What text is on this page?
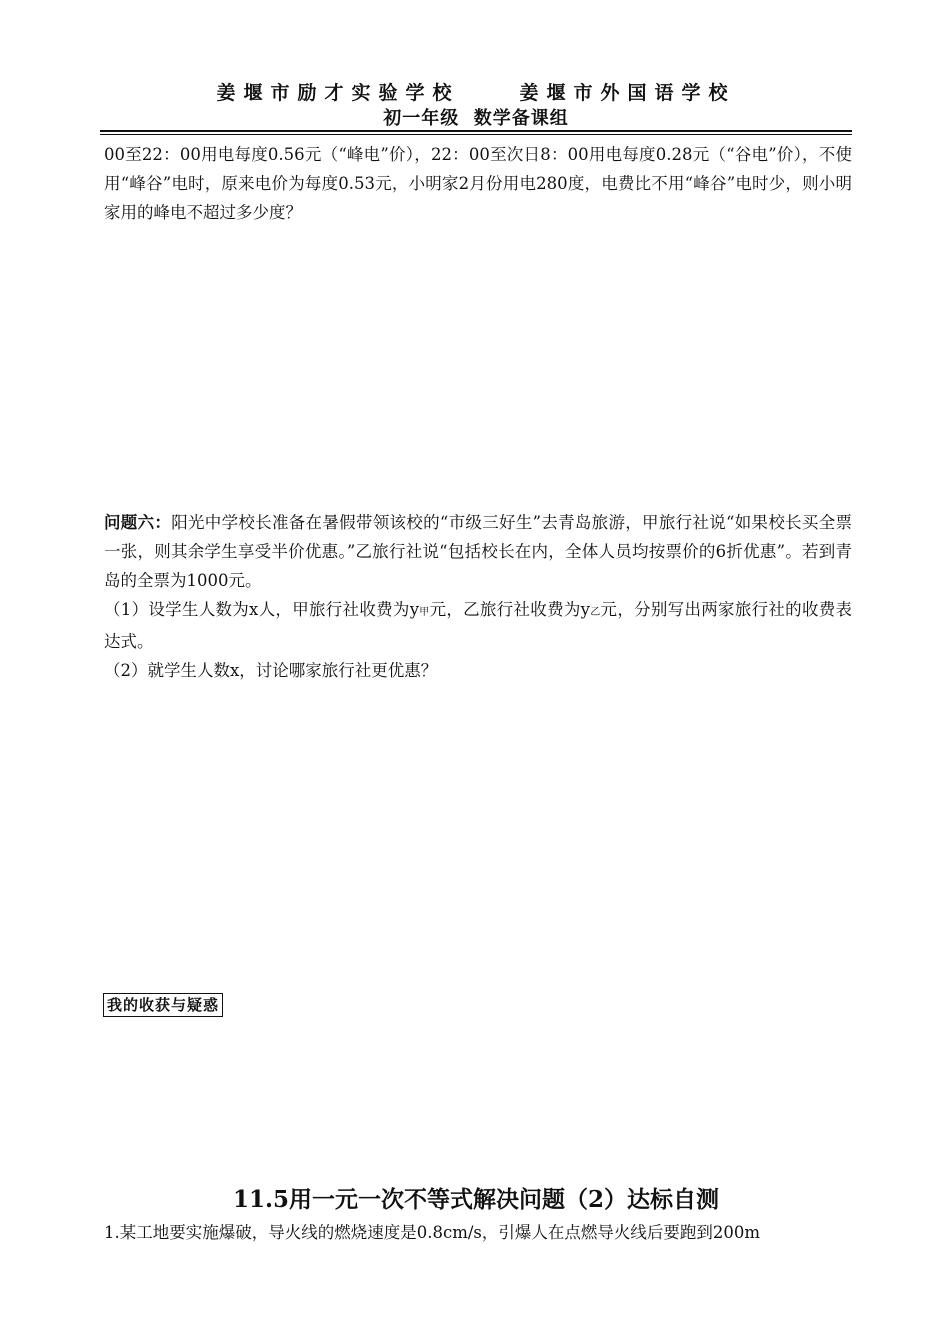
姜堰市励才实验学校	姜堰市外国语学校
初一年级  数学备课组
00至22：00用电每度0.56元（“峰电”价），22：00至次日8：00用电每度0.28元（“谷电”价），不使用“峰谷”电时，原来电价为每度0.53元，小明家2月份用电280度，电费比不用“峰谷”电时少，则小明家用的峰电不超过多少度？
问题六：阳光中学校长准备在暑假带领该校的“市级三好生”去青岛旅游，甲旅行社说“如果校长买全票一张，则其余学生享受半价优惠。”乙旅行社说“包括校长在内，全体人员均按票价的6折优惠”。若到青岛的全票为1000元。
（1）设学生人数为x人，甲旅行社收费为y甲元，乙旅行社收费为y乙元，分别写出两家旅行社的收费表达式。
（2）就学生人数x，讨论哪家旅行社更优惠？
我的收获与疑惑
11.5用一元一次不等式解决问题（2）达标自测
1.某工地要实施爆破，导火线的燃烧速度是0.8cm/s，引爆人在点燃导火线后要跑到200m
